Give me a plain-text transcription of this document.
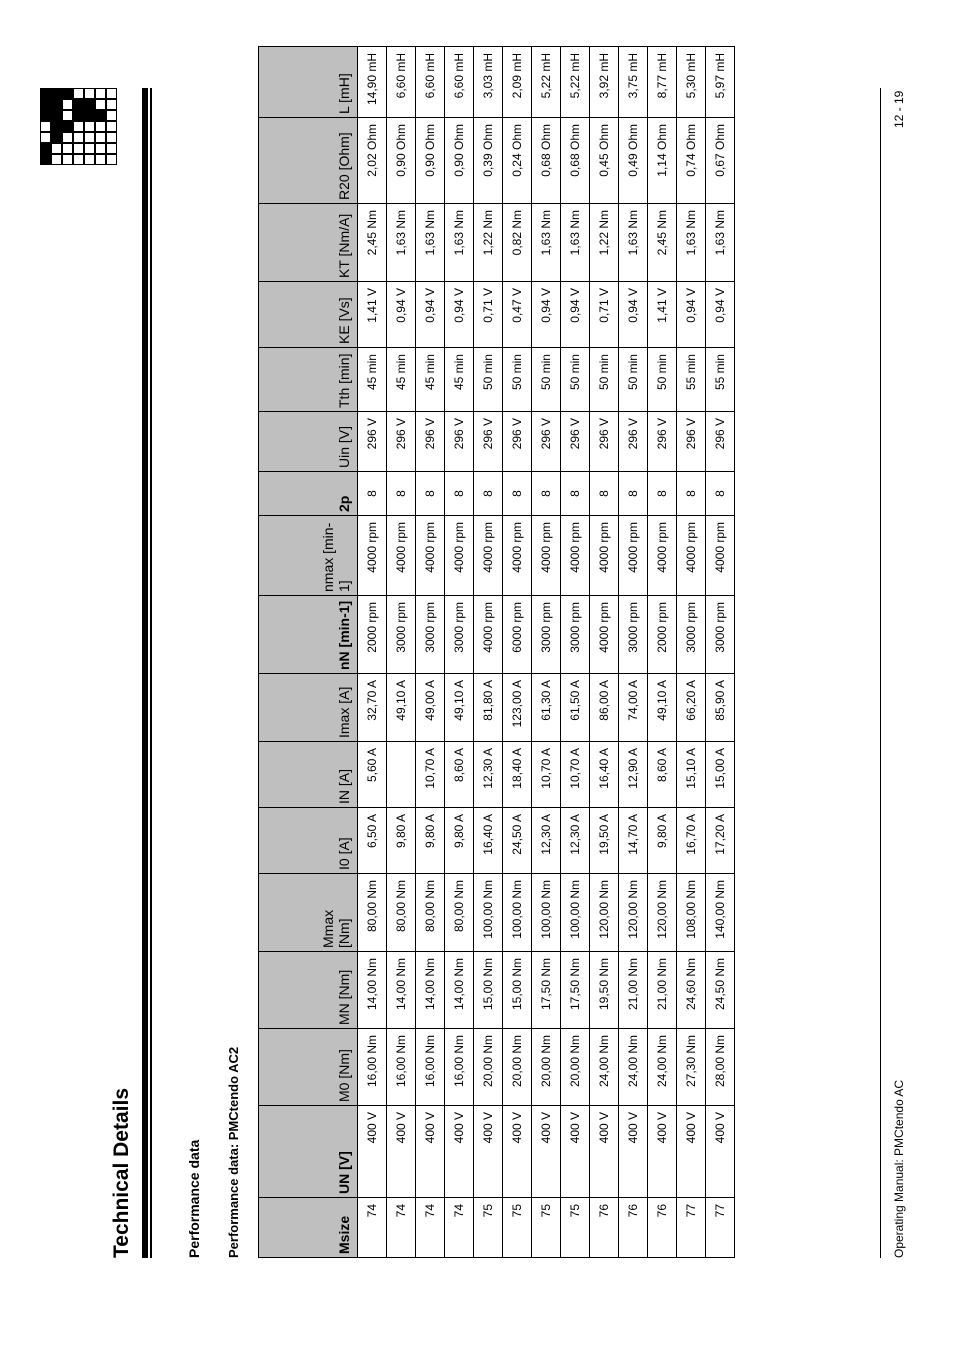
Technical Details	Performance data Performance data: PMCtendo AC2	Msize	UN [V]	M0 [Nm]	MN [Nm]	Mmax [Nm]	I0 [A]	IN [A]	Imax [A]	nN [min-1]	nmax [min-1]	2p	Uin [V]	Tth [min]	KE [Vs]	KT [Nm/A]	R20 [Ohm]	L [mH]
74	400 V	16,00 Nm	14,00 Nm	80,00 Nm	6,50 A	5,60 A	32,70 A	2000 rpm	4000 rpm	8	296 V	45 min	1,41 V	2,45 Nm	2,02 Ohm	14,90 mH
74	400 V	16,00 Nm	14,00 Nm	80,00 Nm	9,80 A		49,10 A	3000 rpm	4000 rpm	8	296 V	45 min	0,94 V	1,63 Nm	0,90 Ohm	6,60 mH
74	400 V	16,00 Nm	14,00 Nm	80,00 Nm	9,80 A	10,70 A	49,00 A	3000 rpm	4000 rpm	8	296 V	45 min	0,94 V	1,63 Nm	0,90 Ohm	6,60 mH
74	400 V	16,00 Nm	14,00 Nm	80,00 Nm	9,80 A	8,60 A	49,10 A	3000 rpm	4000 rpm	8	296 V	45 min	0,94 V	1,63 Nm	0,90 Ohm	6,60 mH
75	400 V	20,00 Nm	15,00 Nm	100,00 Nm	16,40 A	12,30 A	81,80 A	4000 rpm	4000 rpm	8	296 V	50 min	0,71 V	1,22 Nm	0,39 Ohm	3,03 mH
75	400 V	20,00 Nm	15,00 Nm	100,00 Nm	24,50 A	18,40 A	123,00 A	6000 rpm	4000 rpm	8	296 V	50 min	0,47 V	0,82 Nm	0,24 Ohm	2,09 mH
75	400 V	20,00 Nm	17,50 Nm	100,00 Nm	12,30 A	10,70 A	61,30 A	3000 rpm	4000 rpm	8	296 V	50 min	0,94 V	1,63 Nm	0,68 Ohm	5,22 mH
75	400 V	20,00 Nm	17,50 Nm	100,00 Nm	12,30 A	10,70 A	61,50 A	3000 rpm	4000 rpm	8	296 V	50 min	0,94 V	1,63 Nm	0,68 Ohm	5,22 mH
76	400 V	24,00 Nm	19,50 Nm	120,00 Nm	19,50 A	16,40 A	86,00 A	4000 rpm	4000 rpm	8	296 V	50 min	0,71 V	1,22 Nm	0,45 Ohm	3,92 mH
76	400 V	24,00 Nm	21,00 Nm	120,00 Nm	14,70 A	12,90 A	74,00 A	3000 rpm	4000 rpm	8	296 V	50 min	0,94 V	1,63 Nm	0,49 Ohm	3,75 mH
76	400 V	24,00 Nm	21,00 Nm	120,00 Nm	9,80 A	8,60 A	49,10 A	2000 rpm	4000 rpm	8	296 V	50 min	1,41 V	2,45 Nm	1,14 Ohm	8,77 mH
77	400 V	27,30 Nm	24,60 Nm	108,00 Nm	16,70 A	15,10 A	66,20 A	3000 rpm	4000 rpm	8	296 V	55 min	0,94 V	1,63 Nm	0,74 Ohm	5,30 mH
77	400 V	28,00 Nm	24,50 Nm	140,00 Nm	17,20 A	15,00 A	85,90 A	3000 rpm	4000 rpm	8	296 V	55 min	0,94 V	1,63 Nm	0,67 Ohm	5,97 mH
Operating Manual: PMCtendo AC
12 - 19
